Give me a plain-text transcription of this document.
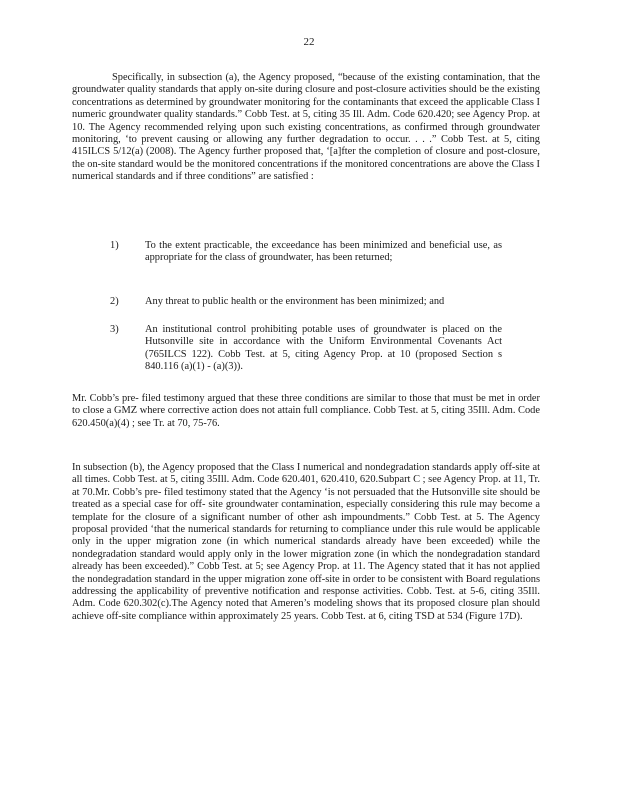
22

Specifically, in subsection (a), the Agency proposed, “because of the existing contamination, that the groundwater quality standards that apply on-site during closure and post-closure activities should be the existing concentrations as determined by groundwater monitoring for the contaminants that exceed the applicable Class I numeric groundwater quality standards.” Cobb Test. at 5, citing 35 Ill. Adm. Code 620.420; see Agency Prop. at 10. The Agency recommended relying upon such existing concentrations, as confirmed through groundwater monitoring, ‘to prevent causing or allowing any further degradation to occur. . . .” Cobb Test. at 5, citing 415ILCS 5/12(a) (2008). The Agency further proposed that, ‘[a]fter the completion of closure and post-closure, the on-site standard would be the monitored concentrations if the monitored concentrations are above the Class I numerical standards and if three conditions” are satisfied :

1)	To the extent practicable, the exceedance has been minimized and beneficial use, as appropriate for the class of groundwater, has been returned;

2)	Any threat to public health or the environment has been minimized; and

3)	An institutional control prohibiting potable uses of groundwater is placed on the Hutsonville site in accordance with the Uniform Environmental Covenants Act (765ILCS 122). Cobb Test. at 5, citing Agency Prop. at 10 (proposed Section s 840.116 (a)(1) - (a)(3)).

Mr. Cobb’s pre- filed testimony argued that these three conditions are similar to those that must be met in order to close a GMZ where corrective action does not attain full compliance. Cobb Test. at 5, citing 35Ill. Adm. Code 620.450(a)(4) ; see Tr. at 70, 75-76.

In subsection (b), the Agency proposed that the Class I numerical and nondegradation standards apply off-site at all times. Cobb Test. at 5, citing 35Ill. Adm. Code 620.401, 620.410, 620.Subpart C ; see Agency Prop. at 11, Tr. at 70.Mr. Cobb’s pre- filed testimony stated that the Agency ‘is not persuaded that the Hutsonville site should be treated as a special case for off- site groundwater contamination, especially considering this rule may become a template for the closure of a significant number of other ash impoundments.” Cobb Test. at 5. The Agency proposal provided ‘that the numerical standards for returning to compliance under this rule would be applicable only in the upper migration zone (in which numerical standards already have been exceeded) while the nondegradation standard would apply only in the lower migration zone (in which the nondegradation standard already has been exceeded).” Cobb Test. at 5; see Agency Prop. at 11. The Agency stated that it has not applied the nondegradation standard in the upper migration zone off-site in order to be consistent with Board regulations addressing the applicability of preventive notification and response activities. Cobb. Test. at 5-6, citing 35Ill. Adm. Code 620.302(c).The Agency noted that Ameren’s modeling shows that its proposed closure plan should achieve off-site compliance within approximately 25 years. Cobb Test. at 6, citing TSD at 534 (Figure 17D).
